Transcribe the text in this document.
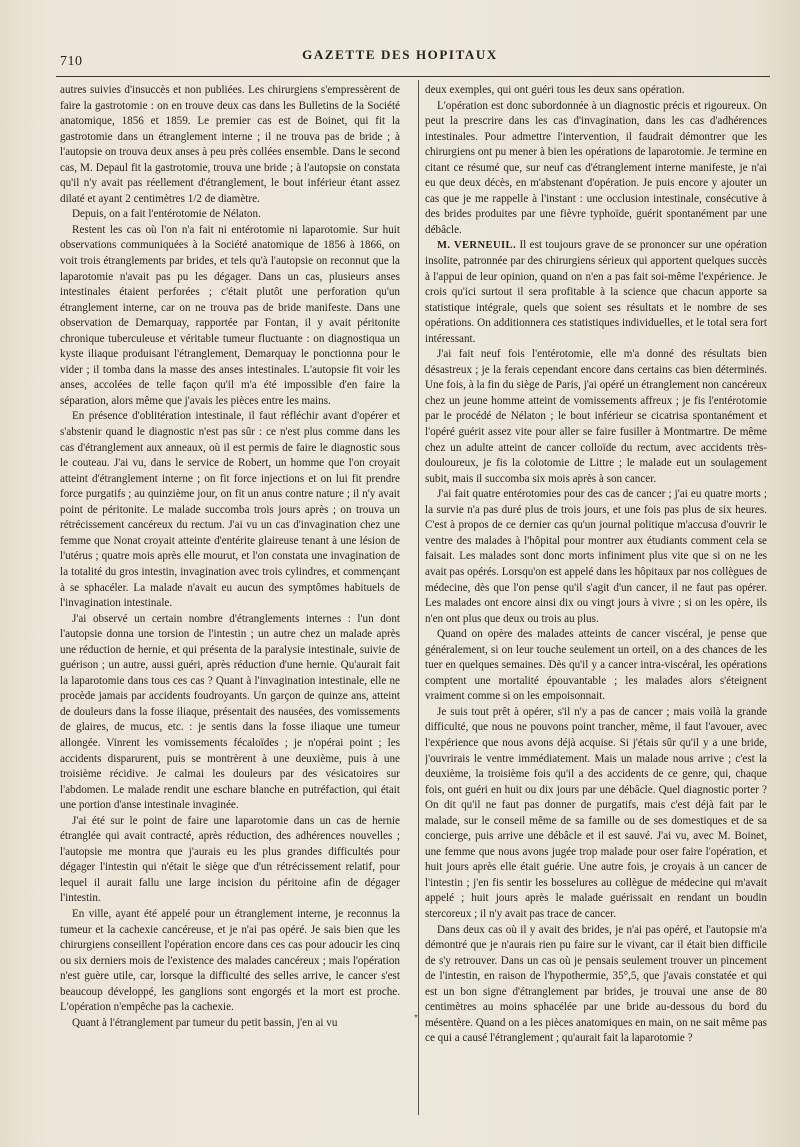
710	GAZETTE DES HOPITAUX

autres suivies d'insuccès et non publiées. Les chirurgiens s'empressèrent de faire la gastrotomie : on en trouve deux cas dans les Bulletins de la Société anatomique, 1856 et 1859. Le premier cas est de Boinet, qui fit la gastrotomie dans un étranglement interne ; il ne trouva pas de bride ; à l'autopsie on trouva deux anses à peu près collées ensemble. Dans le second cas, M. Depaul fit la gastrotomie, trouva une bride ; à l'autopsie on constata qu'il n'y avait pas réellement d'étranglement, le bout inférieur étant assez dilaté et ayant 2 centimètres 1/2 de diamètre.

Depuis, on a fait l'entérotomie de Nélaton.

Restent les cas où l'on n'a fait ni entérotomie ni laparotomie. Sur huit observations communiquées à la Société anatomique de 1856 à 1866, on voit trois étranglements par brides, et tels qu'à l'autopsie on reconnut que la laparotomie n'avait pas pu les dégager. Dans un cas, plusieurs anses intestinales étaient perforées ; c'était plutôt une perforation qu'un étranglement interne, car on ne trouva pas de bride manifeste. Dans une observation de Demarquay, rapportée par Fontan, il y avait péritonite chronique tuberculeuse et véritable tumeur fluctuante : on diagnostiqua un kyste iliaque produisant l'étranglement, Demarquay le ponctionna pour le vider ; il tomba dans la masse des anses intestinales. L'autopsie fit voir les anses, accolées de telle façon qu'il m'a été impossible d'en faire la séparation, alors même que j'avais les pièces entre les mains.

En présence d'oblitération intestinale, il faut réfléchir avant d'opérer et s'abstenir quand le diagnostic n'est pas sûr : ce n'est plus comme dans les cas d'étranglement aux anneaux, où il est permis de faire le diagnostic sous le couteau. J'ai vu, dans le service de Robert, un homme que l'on croyait atteint d'étranglement interne ; on fit force injections et on lui fit prendre force purgatifs ; au quinzième jour, on fit un anus contre nature ; il n'y avait point de péritonite. Le malade succomba trois jours après ; on trouva un rétrécissement cancéreux du rectum. J'ai vu un cas d'invagination chez une femme que Nonat croyait atteinte d'entérite glaireuse tenant à une lésion de l'utérus ; quatre mois après elle mourut, et l'on constata une invagination de la totalité du gros intestin, invagination avec trois cylindres, et commençant à se sphacéler. La malade n'avait eu aucun des symptômes habituels de l'invagination intestinale.

J'ai observé un certain nombre d'étranglements internes : l'un dont l'autopsie donna une torsion de l'intestin ; un autre chez un malade après une réduction de hernie, et qui présenta de la paralysie intestinale, suivie de guérison ; un autre, aussi guéri, après réduction d'une hernie. Qu'aurait fait la laparotomie dans tous ces cas ? Quant à l'invagination intestinale, elle ne procède jamais par accidents foudroyants. Un garçon de quinze ans, atteint de douleurs dans la fosse iliaque, présentait des nausées, des vomissements de glaires, de mucus, etc. : je sentis dans la fosse iliaque une tumeur allongée. Vinrent les vomissements fécaloïdes ; je n'opérai point ; les accidents disparurent, puis se montrèrent à une deuxième, puis à une troisième récidive. Je calmai les douleurs par des vésicatoires sur l'abdomen. Le malade rendit une eschare blanche en putréfaction, qui était une portion d'anse intestinale invaginée.

J'ai été sur le point de faire une laparotomie dans un cas de hernie étranglée qui avait contracté, après réduction, des adhérences nouvelles ; l'autopsie me montra que j'aurais eu les plus grandes difficultés pour dégager l'intestin qui n'était le siège que d'un rétrécissement relatif, pour lequel il aurait fallu une large incision du péritoine afin de dégager l'intestin.

En ville, ayant été appelé pour un étranglement interne, je reconnus la tumeur et la cachexie cancéreuse, et je n'ai pas opéré. Je sais bien que les chirurgiens conseillent l'opération encore dans ces cas pour adoucir les cinq ou six derniers mois de l'existence des malades cancéreux ; mais l'opération n'est guère utile, car, lorsque la difficulté des selles arrive, le cancer s'est beaucoup développé, les ganglions sont engorgés et la mort est proche. L'opération n'empêche pas la cachexie.

Quant à l'étranglement par tumeur du petit bassin, j'en ai vu

deux exemples, qui ont guéri tous les deux sans opération.

L'opération est donc subordonnée à un diagnostic précis et rigoureux. On peut la prescrire dans les cas d'invagination, dans les cas d'adhérences intestinales. Pour admettre l'intervention, il faudrait démontrer que les chirurgiens ont pu mener à bien les opérations de laparotomie. Je termine en citant ce résumé que, sur neuf cas d'étranglement interne manifeste, je n'ai eu que deux décès, en m'abstenant d'opération. Je puis encore y ajouter un cas que je me rappelle à l'instant : une occlusion intestinale, consécutive à des brides produites par une fièvre typhoïde, guérit spontanément par une débâcle.

M. VERNEUIL. Il est toujours grave de se prononcer sur une opération insolite, patronnée par des chirurgiens sérieux qui apportent quelques succès à l'appui de leur opinion, quand on n'en a pas fait soi-même l'expérience. Je crois qu'ici surtout il sera profitable à la science que chacun apporte sa statistique intégrale, quels que soient ses résultats et le nombre de ses opérations. On additionnera ces statistiques individuelles, et le total sera fort intéressant.

J'ai fait neuf fois l'entérotomie, elle m'a donné des résultats bien désastreux ; je la ferais cependant encore dans certains cas bien déterminés. Une fois, à la fin du siège de Paris, j'ai opéré un étranglement non cancéreux chez un jeune homme atteint de vomissements affreux ; je fis l'entérotomie par le procédé de Nélaton ; le bout inférieur se cicatrisa spontanément et l'opéré guérit assez vite pour aller se faire fusiller à Montmartre. De même chez un adulte atteint de cancer colloïde du rectum, avec accidents très-douloureux, je fis la colotomie de Littre ; le malade eut un soulagement subit, mais il succomba six mois après à son cancer.

J'ai fait quatre entérotomies pour des cas de cancer ; j'ai eu quatre morts ; la survie n'a pas duré plus de trois jours, et une fois pas plus de six heures. C'est à propos de ce dernier cas qu'un journal politique m'accusa d'ouvrir le ventre des malades à l'hôpital pour montrer aux étudiants comment cela se faisait. Les malades sont donc morts infiniment plus vite que si on ne les avait pas opérés. Lorsqu'on est appelé dans les hôpitaux par nos collègues de médecine, dès que l'on pense qu'il s'agit d'un cancer, il ne faut pas opérer. Les malades ont encore ainsi dix ou vingt jours à vivre ; si on les opère, ils n'en ont plus que deux ou trois au plus.

Quand on opère des malades atteints de cancer viscéral, je pense que généralement, si on leur touche seulement un orteil, on a des chances de les tuer en quelques semaines. Dès qu'il y a cancer intra-viscéral, les opérations comptent une mortalité épouvantable ; les malades alors s'éteignent vraiment comme si on les empoisonnait.

Je suis tout prêt à opérer, s'il n'y a pas de cancer ; mais voilà la grande difficulté, que nous ne pouvons point trancher, même, il faut l'avouer, avec l'expérience que nous avons déjà acquise. Si j'étais sûr qu'il y a une bride, j'ouvrirais le ventre immédiatement. Mais un malade nous arrive ; c'est la deuxième, la troisième fois qu'il a des accidents de ce genre, qui, chaque fois, ont guéri en huit ou dix jours par une débâcle. Quel diagnostic porter ? On dit qu'il ne faut pas donner de purgatifs, mais c'est déjà fait par le malade, sur le conseil même de sa famille ou de ses domestiques et de sa concierge, puis arrive une débâcle et il est sauvé. J'ai vu, avec M. Boinet, une femme que nous avons jugée trop malade pour oser faire l'opération, et huit jours après elle était guérie. Une autre fois, je croyais à un cancer de l'intestin ; j'en fis sentir les bosselures au collègue de médecine qui m'avait appelé ; huit jours après le malade guérissait en rendant un boudin stercoreux ; il n'y avait pas trace de cancer.

Dans deux cas où il y avait des brides, je n'ai pas opéré, et l'autopsie m'a démontré que je n'aurais rien pu faire sur le vivant, car il était bien difficile de s'y retrouver. Dans un cas où je pensais seulement trouver un pincement de l'intestin, en raison de l'hypothermie, 35°,5, que j'avais constatée et qui est un bon signe d'étranglement par brides, je trouvai une anse de 80 centimètres au moins sphacélée par une bride au-dessous du bord du mésentère. Quand on a les pièces anatomiques en main, on ne sait même pas ce qui a causé l'étranglement ; qu'aurait fait la laparotomie ?

*
